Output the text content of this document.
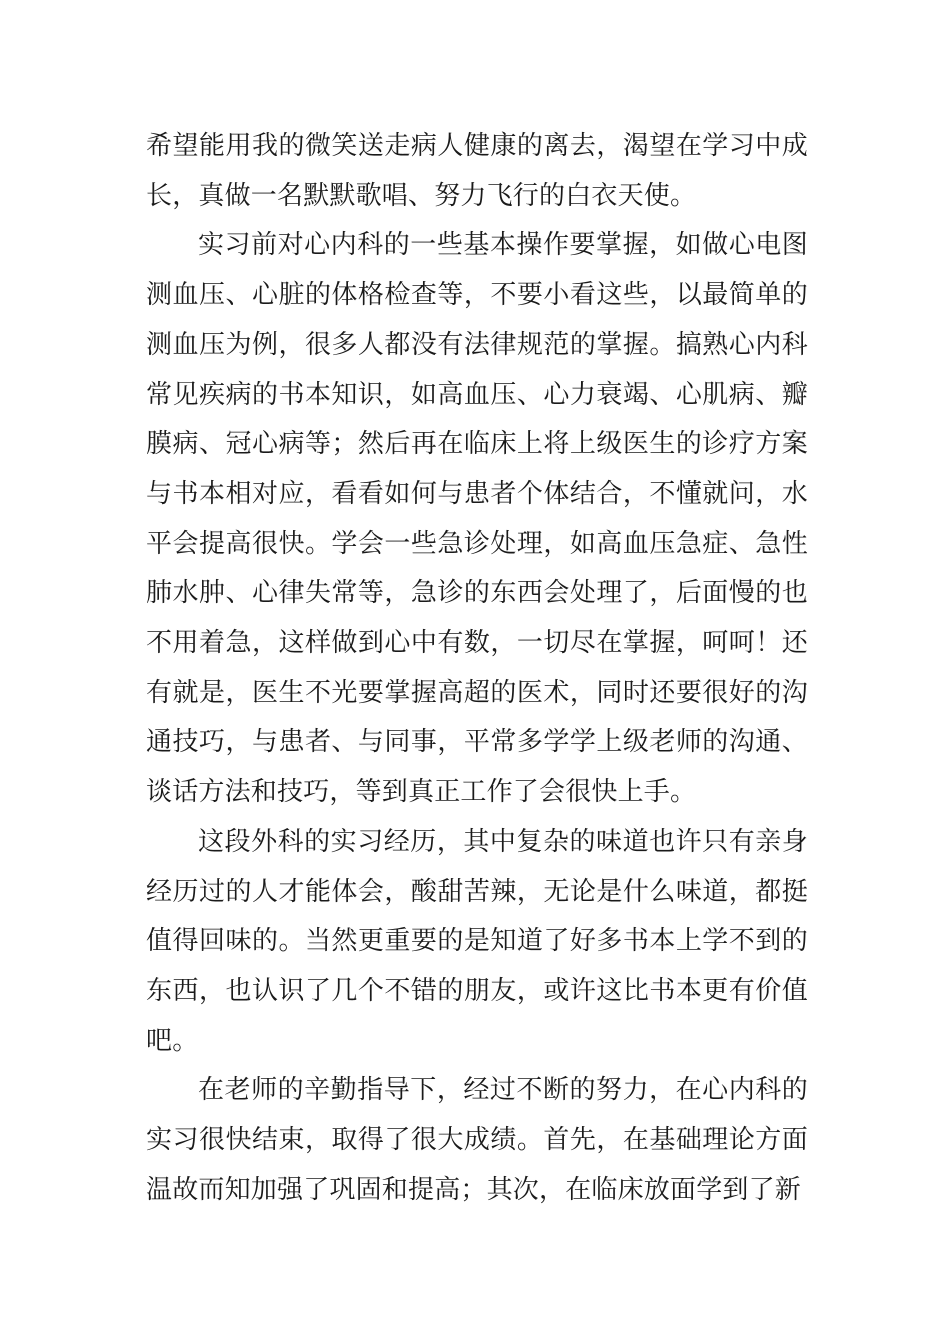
希望能用我的微笑送走病人健康的离去，渴望在学习中成长，真做一名默默歌唱、努力飞行的白衣天使。

实习前对心内科的一些基本操作要掌握，如做心电图测血压、心脏的体格检查等，不要小看这些，以最简单的测血压为例，很多人都没有法律规范的掌握。搞熟心内科常见疾病的书本知识，如高血压、心力衰竭、心肌病、瓣膜病、冠心病等；然后再在临床上将上级医生的诊疗方案与书本相对应，看看如何与患者个体结合，不懂就问，水平会提高很快。学会一些急诊处理，如高血压急症、急性肺水肿、心律失常等，急诊的东西会处理了，后面慢的也不用着急，这样做到心中有数，一切尽在掌握，呵呵！还有就是，医生不光要掌握高超的医术，同时还要很好的沟通技巧，与患者、与同事，平常多学学上级老师的沟通、谈话方法和技巧，等到真正工作了会很快上手。

这段外科的实习经历，其中复杂的味道也许只有亲身经历过的人才能体会，酸甜苦辣，无论是什么味道，都挺值得回味的。当然更重要的是知道了好多书本上学不到的东西，也认识了几个不错的朋友，或许这比书本更有价值吧。

在老师的辛勤指导下，经过不断的努力，在心内科的实习很快结束，取得了很大成绩。首先，在基础理论方面温故而知加强了巩固和提高；其次，在临床放面学到了新
